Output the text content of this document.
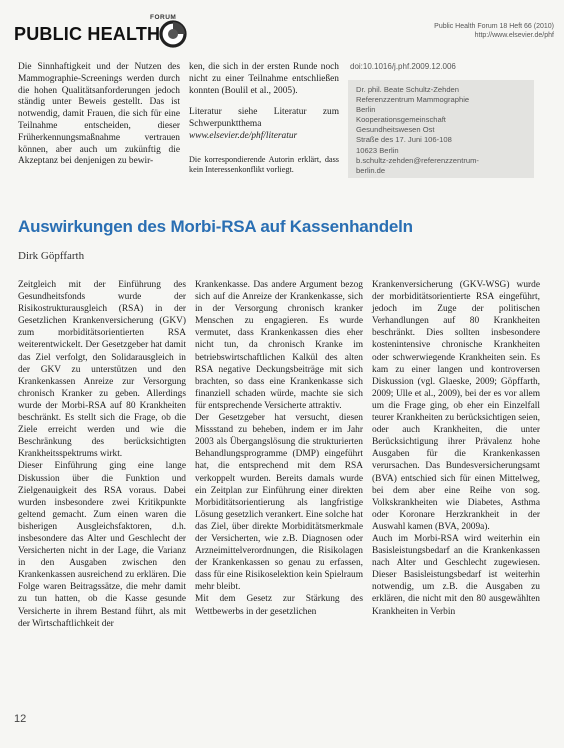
PUBLIC HEALTH
FORUM
Public Health Forum 18 Heft 66 (2010)
http://www.elsevier.de/phf

Die Sinnhaftigkeit und der Nutzen des Mammographie-Screenings werden durch die hohen Qualitätsanforderungen jedoch ständig unter Beweis gestellt. Das ist notwendig, damit Frauen, die sich für eine Teilnahme entscheiden, dieser Früherkennungsmaßnahme vertrauen können, aber auch um zukünftig die Akzeptanz bei denjenigen zu bewir-

ken, die sich in der ersten Runde noch nicht zu einer Teilnahme entschließen konnten (Boulil et al., 2005).

Literatur siehe Literatur zum Schwerpunktthema

www.elsevier.de/phf/literatur

Die korrespondierende Autorin erklärt, dass kein Interessenkonflikt vorliegt.

doi:10.1016/j.phf.2009.12.006
Dr. phil. Beate Schultz-Zehden
Referenzzentrum Mammographie
Berlin
Kooperationsgemeinschaft
Gesundheitswesen Ost
Straße des 17. Juni 106-108
10623 Berlin
b.schultz-zehden@referenzzentrum-
berlin.de
Auswirkungen des Morbi-RSA auf Kassenhandeln
Dirk Göpffarth

Zeitgleich mit der Einführung des Gesundheitsfonds wurde der Risikostrukturausgleich (RSA) in der Gesetzlichen Krankenversicherung (GKV) zum morbiditätsorientierten RSA weiterentwickelt. Der Gesetzgeber hat damit das Ziel verfolgt, den Solidarausgleich in der GKV zu unterstützen und den Krankenkassen Anreize zur Versorgung chronisch Kranker zu geben. Allerdings wurde der Morbi-RSA auf 80 Krankheiten beschränkt. Es stellt sich die Frage, ob die Ziele erreicht werden und wie die Beschränkung des berücksichtigten Krankheitsspektrums wirkt.

Dieser Einführung ging eine lange Diskussion über die Funktion und Zielgenauigkeit des RSA voraus. Dabei wurden insbesondere zwei Kritikpunkte geltend gemacht. Zum einen waren die bisherigen Ausgleichsfaktoren, d.h. insbesondere das Alter und Geschlecht der Versicherten nicht in der Lage, die Varianz in den Ausgaben zwischen den Krankenkassen ausreichend zu erklären. Die Folge waren Beitragssätze, die mehr damit zu tun hatten, ob die Kasse gesunde Versicherte in ihrem Bestand führt, als mit der Wirtschaftlichkeit der

Krankenkasse. Das andere Argument bezog sich auf die Anreize der Krankenkasse, sich in der Versorgung chronisch kranker Menschen zu engagieren. Es wurde vermutet, dass Krankenkassen dies eher nicht tun, da chronisch Kranke im betriebswirtschaftlichen Kalkül des alten RSA negative Deckungsbeiträge mit sich brachten, so dass eine Krankenkasse sich finanziell schaden würde, machte sie sich für entsprechende Versicherte attraktiv.

Der Gesetzgeber hat versucht, diesen Missstand zu beheben, indem er im Jahr 2003 als Übergangslösung die strukturierten Behandlungsprogramme (DMP) eingeführt hat, die entsprechend mit dem RSA verkoppelt wurden. Bereits damals wurde ein Zeitplan zur Einführung einer direkten Morbiditätsorientierung als langfristige Lösung gesetzlich verankert. Eine solche hat das Ziel, über direkte Morbiditätsmerkmale der Versicherten, wie z.B. Diagnosen oder Arzneimittelverordnungen, die Risikolagen der Krankenkassen so genau zu erfassen, dass für eine Risikoselektion kein Spielraum mehr bleibt.

Mit dem Gesetz zur Stärkung des Wettbewerbs in der gesetzlichen

Krankenversicherung (GKV-WSG) wurde der morbiditätsorientierte RSA eingeführt, jedoch im Zuge der politischen Verhandlungen auf 80 Krankheiten beschränkt. Dies sollten insbesondere kostenintensive chronische Krankheiten oder schwerwiegende Krankheiten sein. Es kam zu einer langen und kontroversen Diskussion (vgl. Glaeske, 2009; Göpffarth, 2009; Ulle et al., 2009), bei der es vor allem um die Frage ging, ob eher ein Einzelfall teurer Krankheiten zu berücksichtigen seien, oder auch Krankheiten, die unter Berücksichtigung ihrer Prävalenz hohe Ausgaben für die Krankenkassen verursachen. Das Bundesversicherungsamt (BVA) entschied sich für einen Mittelweg, bei dem aber eine Reihe von sog. Volkskrankheiten wie Diabetes, Asthma oder Koronare Herzkrankheit in der Auswahl kamen (BVA, 2009a).

Auch im Morbi-RSA wird weiterhin ein Basisleistungsbedarf an die Krankenkassen nach Alter und Geschlecht zugewiesen. Dieser Basisleistungsbedarf ist weiterhin notwendig, um z.B. die Ausgaben zu erklären, die nicht mit den 80 ausgewählten Krankheiten in Verbin

12
